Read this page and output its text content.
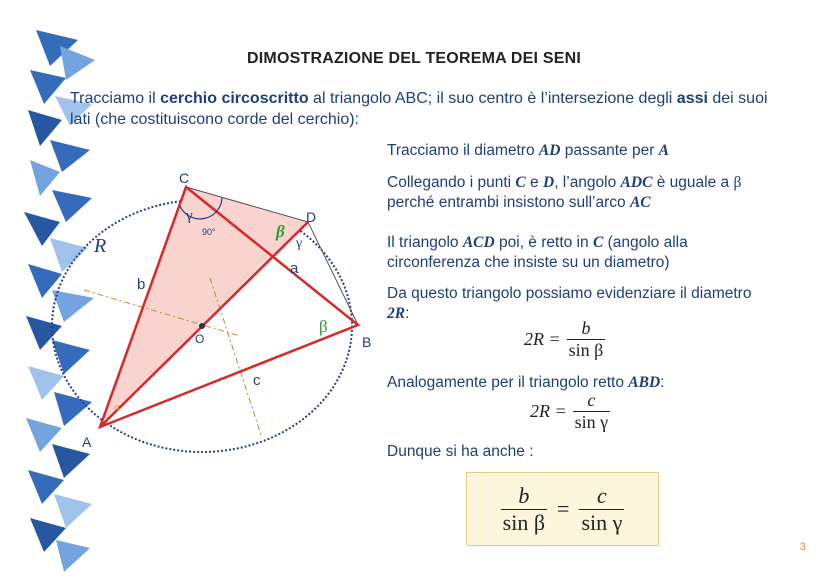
DIMOSTRAZIONE DEL TEOREMA DEI SENI
Tracciamo il cerchio circoscritto al triangolo ABC; il suo centro è l’intersezione degli assi dei suoi lati (che costituiscono corde del cerchio):
C
D
B
A
O
b
a
c
R
γ
90°	β
γ
β
α
Tracciamo il diametro AD passante per A
Collegando i punti C e D, l’angolo ADC è uguale a β perché entrambi insistono sull’arco AC
Il triangolo ACD poi, è retto in C (angolo alla circonferenza che insiste su un diametro)
Da questo triangolo possiamo evidenziare il diametro 2R:
$2R = \frac{b}{\text{sin β}}$
Analogamente per il triangolo retto ABD:
$2R = \frac{c}{\text{sin γ}}$
Dunque si ha anche :
$\frac{b}{\text{sin β}} = \frac{c}{\text{sin γ}}$
3
